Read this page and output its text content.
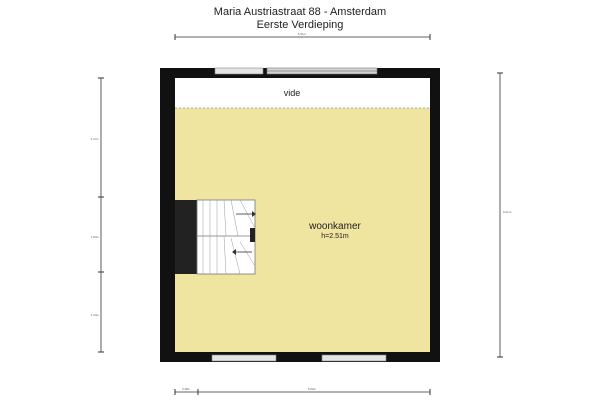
Maria Austriastraat 88 - Amsterdam
Eerste Verdieping
vide
woonkamer
h=2.51m
5.51m
0.38m	5.00m
2.47m
1.84m
2.44m
6.61m
